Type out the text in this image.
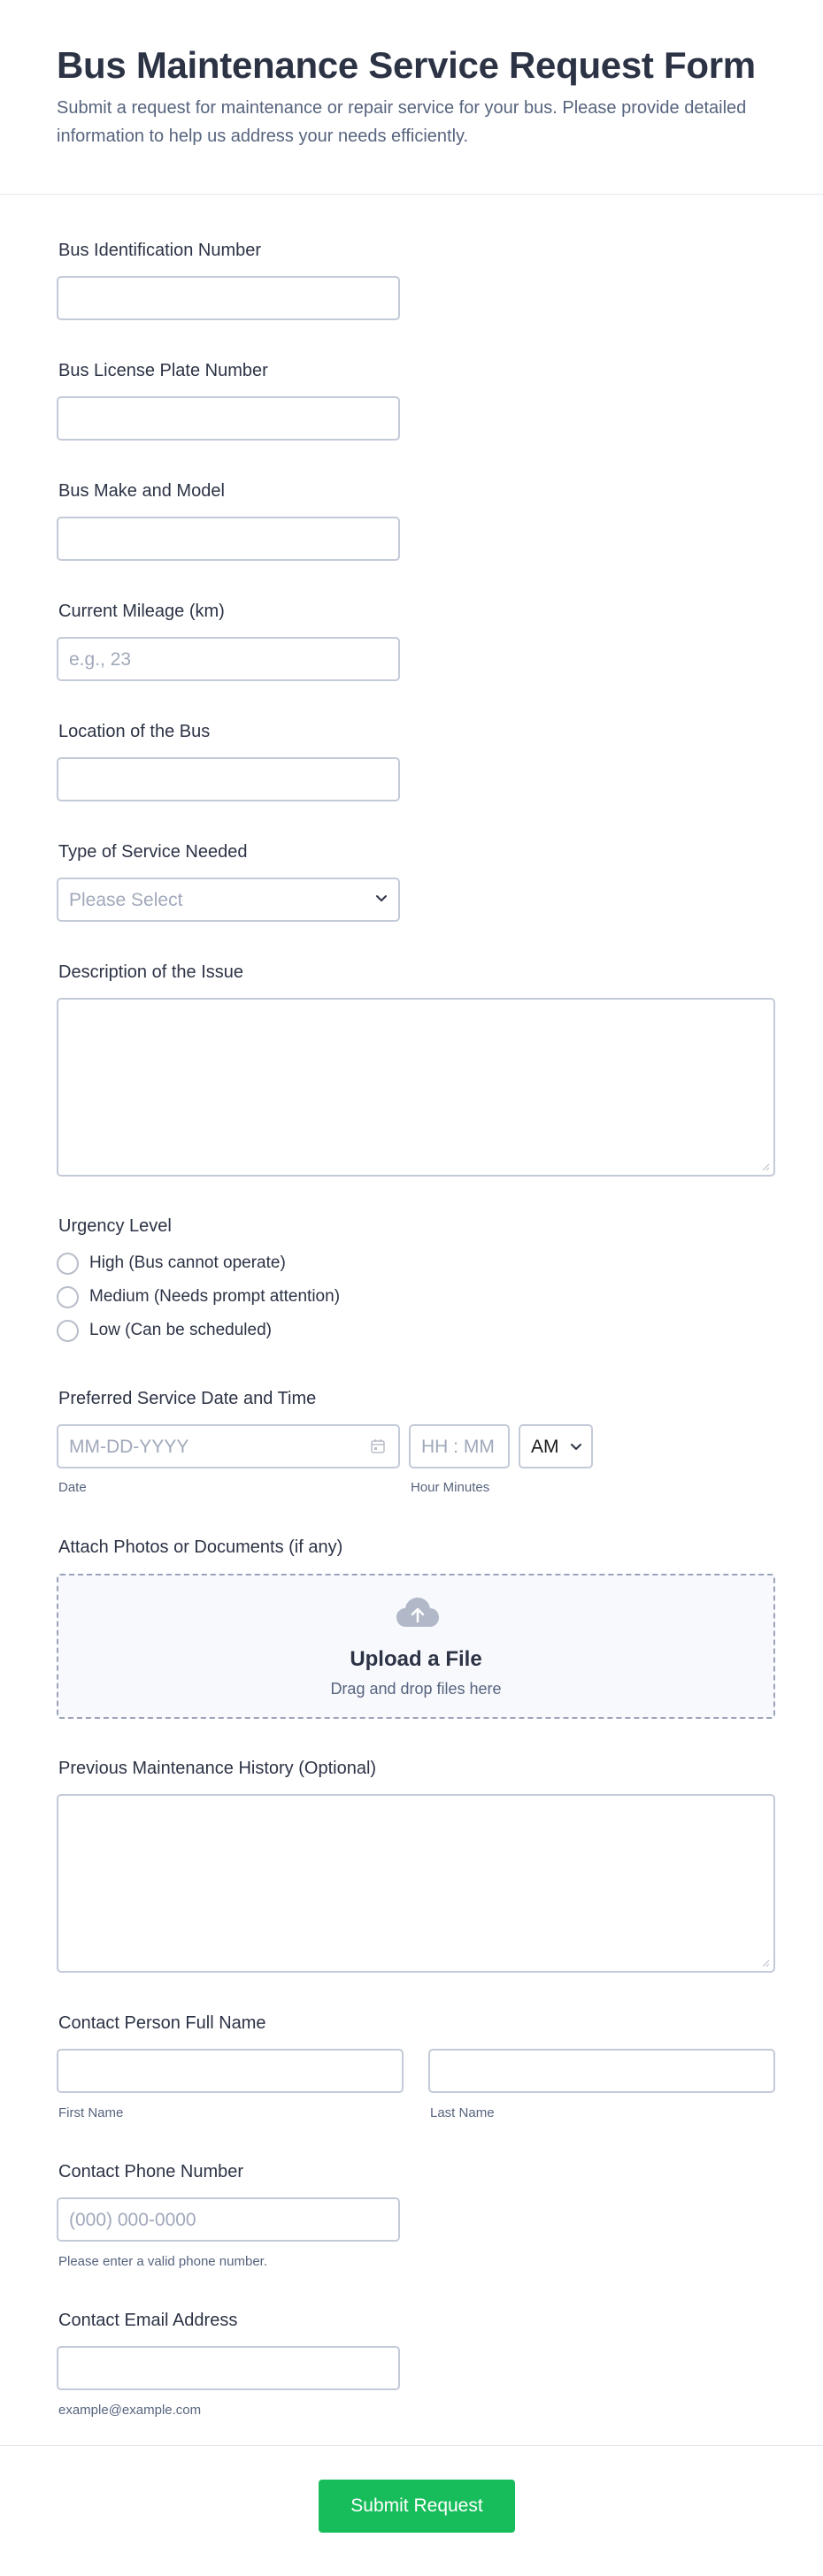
Bus Maintenance Service Request Form

Submit a request for maintenance or repair service for your bus. Please provide detailed information to help us address your needs efficiently.

Bus Identification Number
Bus License Plate Number
Bus Make and Model
Current Mileage (km)
e.g., 23
Location of the Bus
Type of Service Needed
Please Select
Description of the Issue
Urgency Level
High (Bus cannot operate)
Medium (Needs prompt attention)
Low (Can be scheduled)
Preferred Service Date and Time
MM-DD-YYYY
Date
HH : MM
Hour Minutes
AM
Attach Photos or Documents (if any)
Upload a File
Drag and drop files here
Previous Maintenance History (Optional)
Contact Person Full Name
First Name	Last Name
Contact Phone Number
(000) 000-0000
Please enter a valid phone number.
Contact Email Address
example@example.com
Submit Request
